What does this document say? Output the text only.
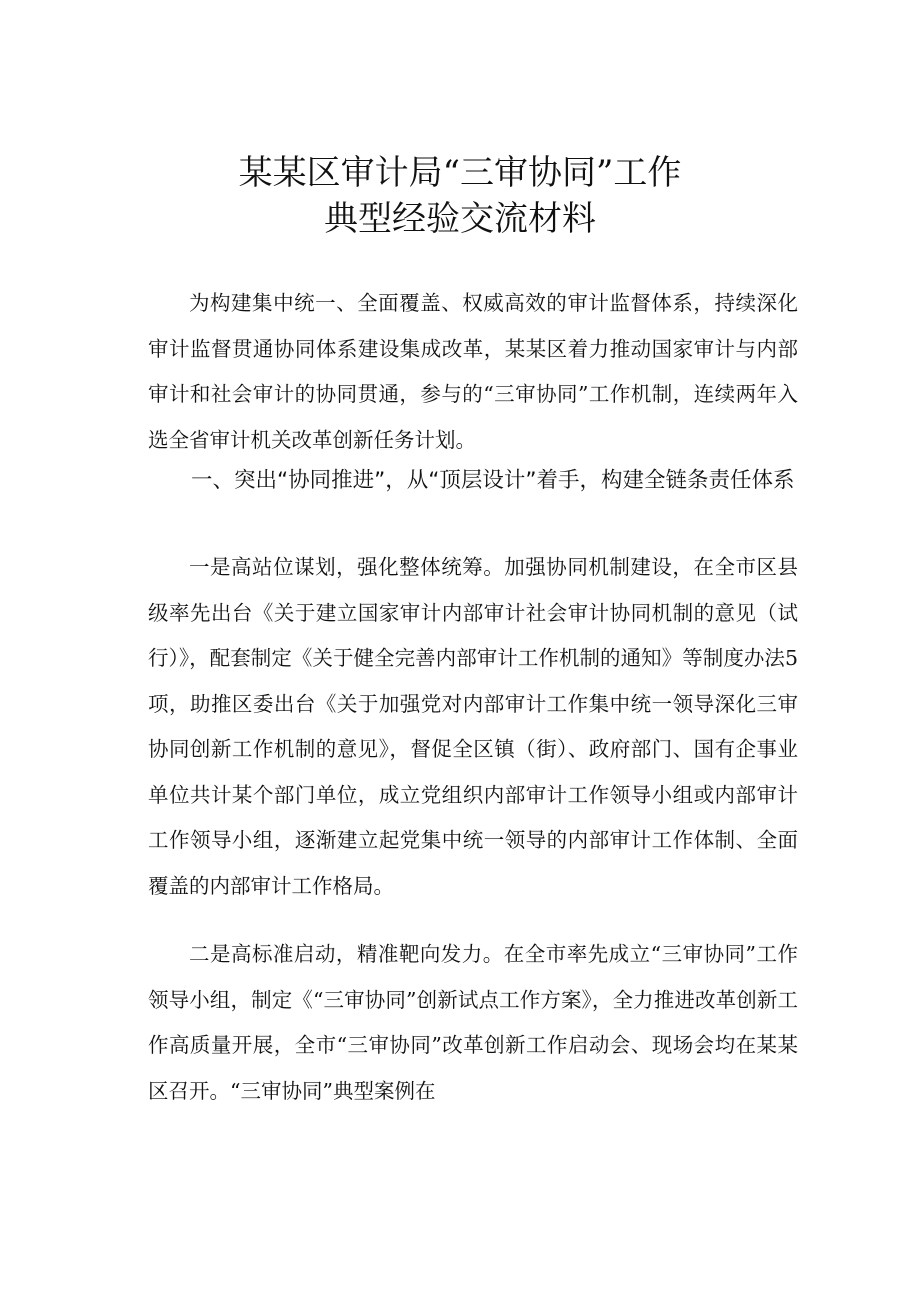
某某区审计局“三审协同”工作
典型经验交流材料

为构建集中统一、全面覆盖、权威高效的审计监督体系，持续深化审计监督贯通协同体系建设集成改革，某某区着力推动国家审计与内部审计和社会审计的协同贯通，参与的“三审协同”工作机制，连续两年入选全省审计机关改革创新任务计划。

一、突出“协同推进”，从“顶层设计”着手，构建全链条责任体系

一是高站位谋划，强化整体统筹。加强协同机制建设，在全市区县级率先出台《关于建立国家审计内部审计社会审计协同机制的意见（试行）》，配套制定《关于健全完善内部审计工作机制的通知》等制度办法5项，助推区委出台《关于加强党对内部审计工作集中统一领导深化三审协同创新工作机制的意见》，督促全区镇（街）、政府部门、国有企事业单位共计某个部门单位，成立党组织内部审计工作领导小组或内部审计工作领导小组，逐渐建立起党集中统一领导的内部审计工作体制、全面覆盖的内部审计工作格局。

二是高标准启动，精准靶向发力。在全市率先成立“三审协同”工作领导小组，制定《“三审协同”创新试点工作方案》，全力推进改革创新工作高质量开展，全市“三审协同”改革创新工作启动会、现场会均在某某区召开。“三审协同”典型案例在
